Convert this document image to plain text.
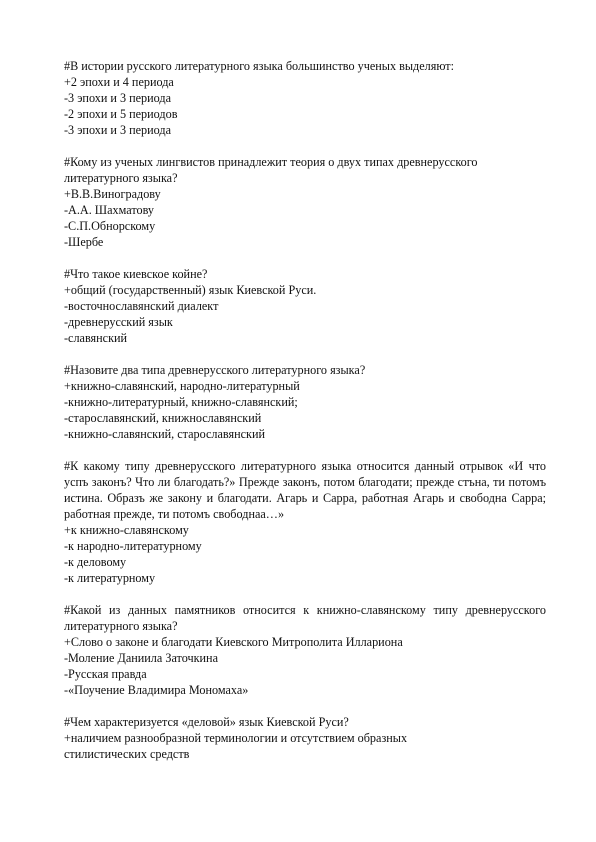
#В истории русского литературного языка большинство ученых выделяют:
+2 эпохи и 4 периода
-3 эпохи и 3 периода
-2 эпохи и 5 периодов
-3 эпохи и 3 периода
#Кому из ученых лингвистов принадлежит теория о двух типах древнерусского
литературного языка?
+В.В.Виноградову
-А.А. Шахматову
-С.П.Обнорскому
-Шербе
#Что такое киевское койне?
+общий (государственный) язык Киевской Руси.
-восточнославянский диалект
-древнерусский язык
-славянский
#Назовите два типа древнерусского литературного языка?
+книжно-славянский, народно-литературный
-книжно-литературный, книжно-славянский;
-старославянский, книжнославянский
-книжно-славянский, старославянский
#К какому типу древнерусского литературного языка относится данный отрывок «И что успъ законъ? Что ли благодать?» Прежде законъ, потом благодати; прежде стъна, ти потомъ истина. Образъ же закону и благодати. Агарь и Сарра, работная Агарь и свободна Сарра; работная прежде, ти потомъ свободнаа…»
+к книжно-славянскому
-к народно-литературному
-к деловому
-к литературному
#Какой из данных памятников относится к книжно-славянскому типу древнерусского литературного языка?
+Слово о законе и благодати Киевского Митрополита Иллариона
-Моление Даниила Заточкина
-Русская правда
-«Поучение Владимира Мономаха»
#Чем характеризуется «деловой» язык Киевской Руси?
+наличием разнообразной терминологии и отсутствием образных
стилистических средств
